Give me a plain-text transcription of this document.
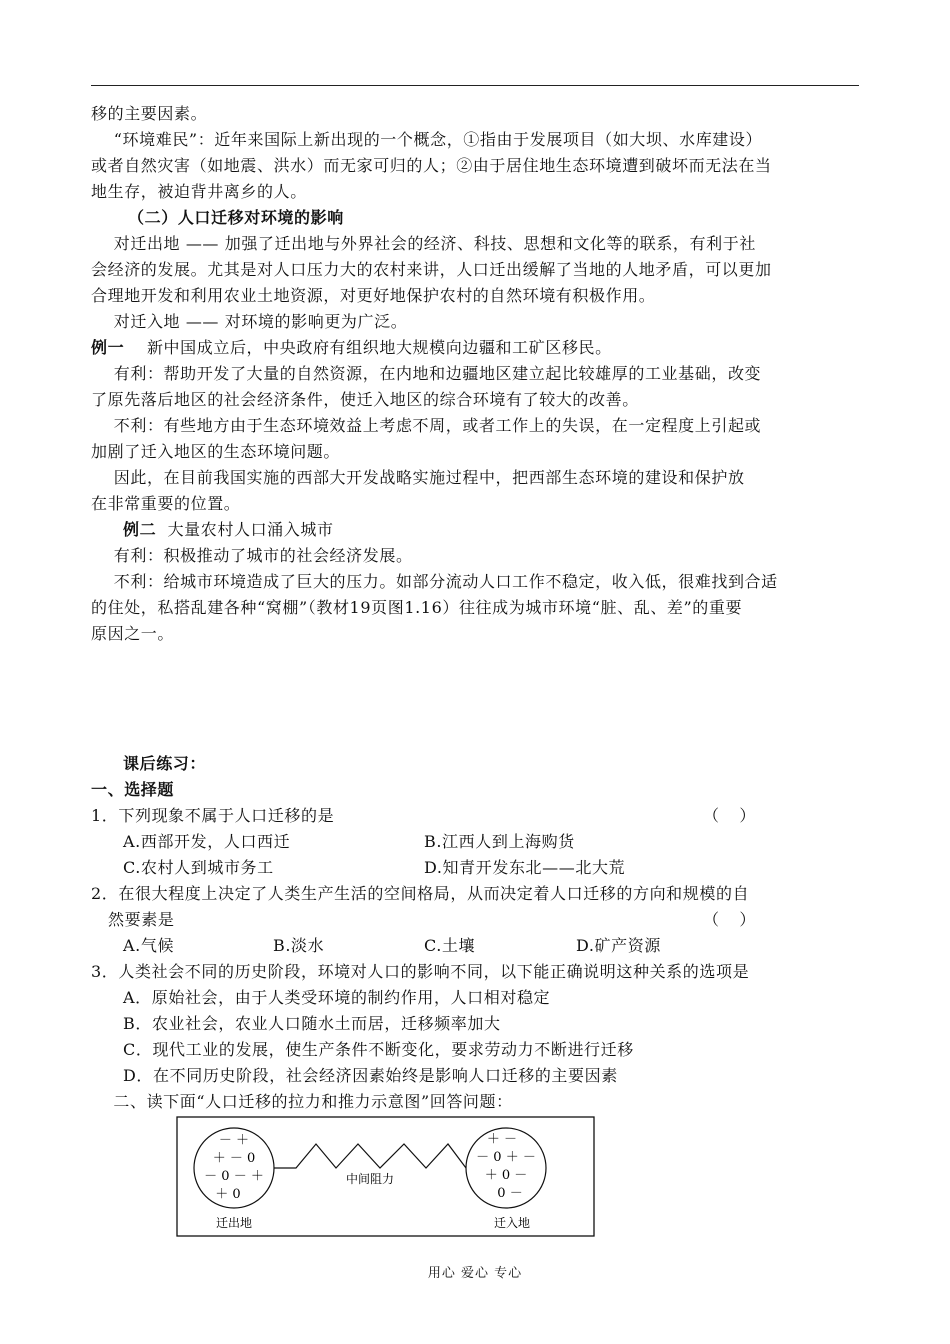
移的主要因素。
“环境难民”：近年来国际上新出现的一个概念，①指由于发展项目（如大坝、水库建设）
或者自然灾害（如地震、洪水）而无家可归的人；②由于居住地生态环境遭到破坏而无法在当
地生存，被迫背井离乡的人。
（二）人口迁移对环境的影响
对迁出地 —— 加强了迁出地与外界社会的经济、科技、思想和文化等的联系，有利于社
会经济的发展。尤其是对人口压力大的农村来讲，人口迁出缓解了当地的人地矛盾，可以更加
合理地开发和利用农业土地资源，对更好地保护农村的自然环境有积极作用。
对迁入地 —— 对环境的影响更为广泛。
例一    新中国成立后，中央政府有组织地大规模向边疆和工矿区移民。
有利：帮助开发了大量的自然资源，在内地和边疆地区建立起比较雄厚的工业基础，改变
了原先落后地区的社会经济条件，使迁入地区的综合环境有了较大的改善。
不利：有些地方由于生态环境效益上考虑不周，或者工作上的失误，在一定程度上引起或
加剧了迁入地区的生态环境问题。
因此，在目前我国实施的西部大开发战略实施过程中，把西部生态环境的建设和保护放
在非常重要的位置。
例二  大量农村人口涌入城市
有利：积极推动了城市的社会经济发展。
不利：给城市环境造成了巨大的压力。如部分流动人口工作不稳定，收入低，很难找到合适
的住处，私搭乱建各种“窝棚”（教材19页图1.16）往往成为城市环境“脏、乱、差”的重要
原因之一。
课后练习：
一、选择题
1．下列现象不属于人口迁移的是	（    ）
A.西部开发，人口西迁	B.江西人到上海购货
C.农村人到城市务工	D.知青开发东北——北大荒
2．在很大程度上决定了人类生产生活的空间格局，从而决定着人口迁移的方向和规模的自
然要素是	（    ）
A.气候	B.淡水	C.土壤	D.矿产资源
3．人类社会不同的历史阶段，环境对人口的影响不同，以下能正确说明这种关系的选项是
A．原始社会，由于人类受环境的制约作用，人口相对稳定
B．农业社会，农业人口随水土而居，迁移频率加大
C．现代工业的发展，使生产条件不断变化，要求劳动力不断进行迁移
D．在不同历史阶段，社会经济因素始终是影响人口迁移的主要因素
二、读下面“人口迁移的拉力和推力示意图”回答问题：
中间阻力
－ ＋
＋ － 0
－ 0 － ＋
＋ 0
＋ －
－ 0 ＋ －
＋ 0 －
0 －
迁出地	迁入地
用心 爱心 专心
